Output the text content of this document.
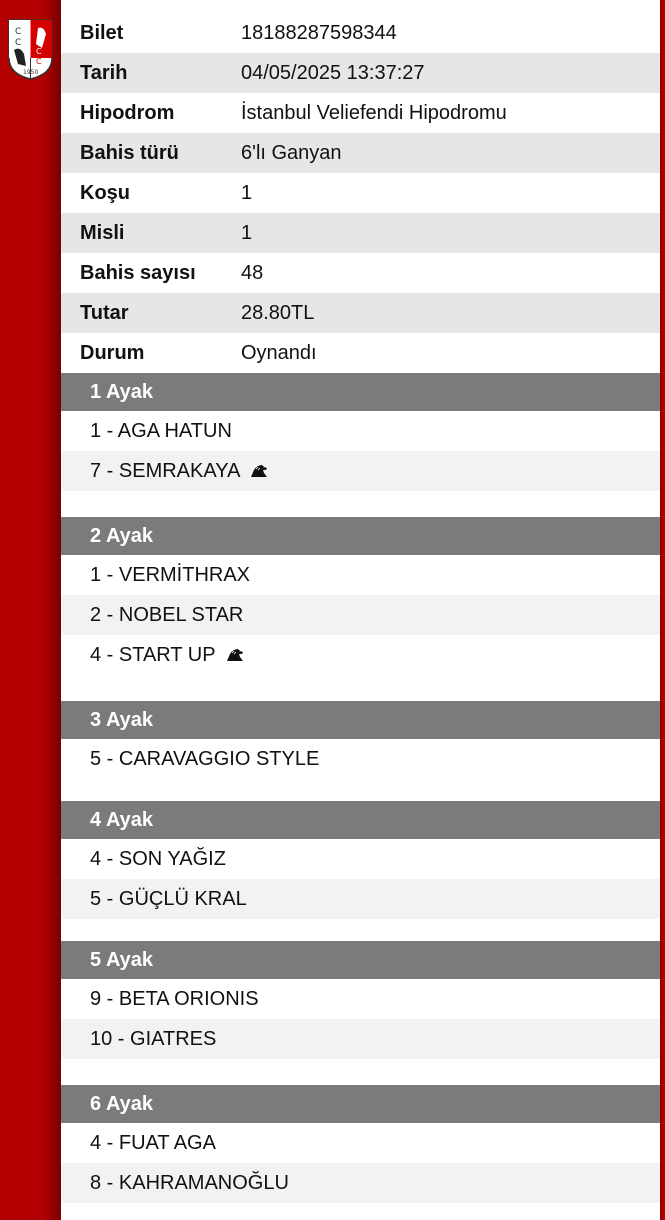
C
C
C
C
1950
Bilet	18188287598344
Tarih	04/05/2025 13:37:27
Hipodrom	İstanbul Veliefendi Hipodromu
Bahis türü	6'lı Ganyan
Koşu	1
Misli	1
Bahis sayısı	48
Tutar	28.80TL
Durum	Oynandı
1 Ayak
1 - AGA HATUN
7 - SEMRAKAYA
2 Ayak
1 - VERMİTHRAX
2 - NOBEL STAR
4 - START UP
3 Ayak
5 - CARAVAGGIO STYLE
4 Ayak
4 - SON YAĞIZ
5 - GÜÇLÜ KRAL
5 Ayak
9 - BETA ORIONIS
10 - GIATRES
6 Ayak
4 - FUAT AGA
8 - KAHRAMANOĞLU
